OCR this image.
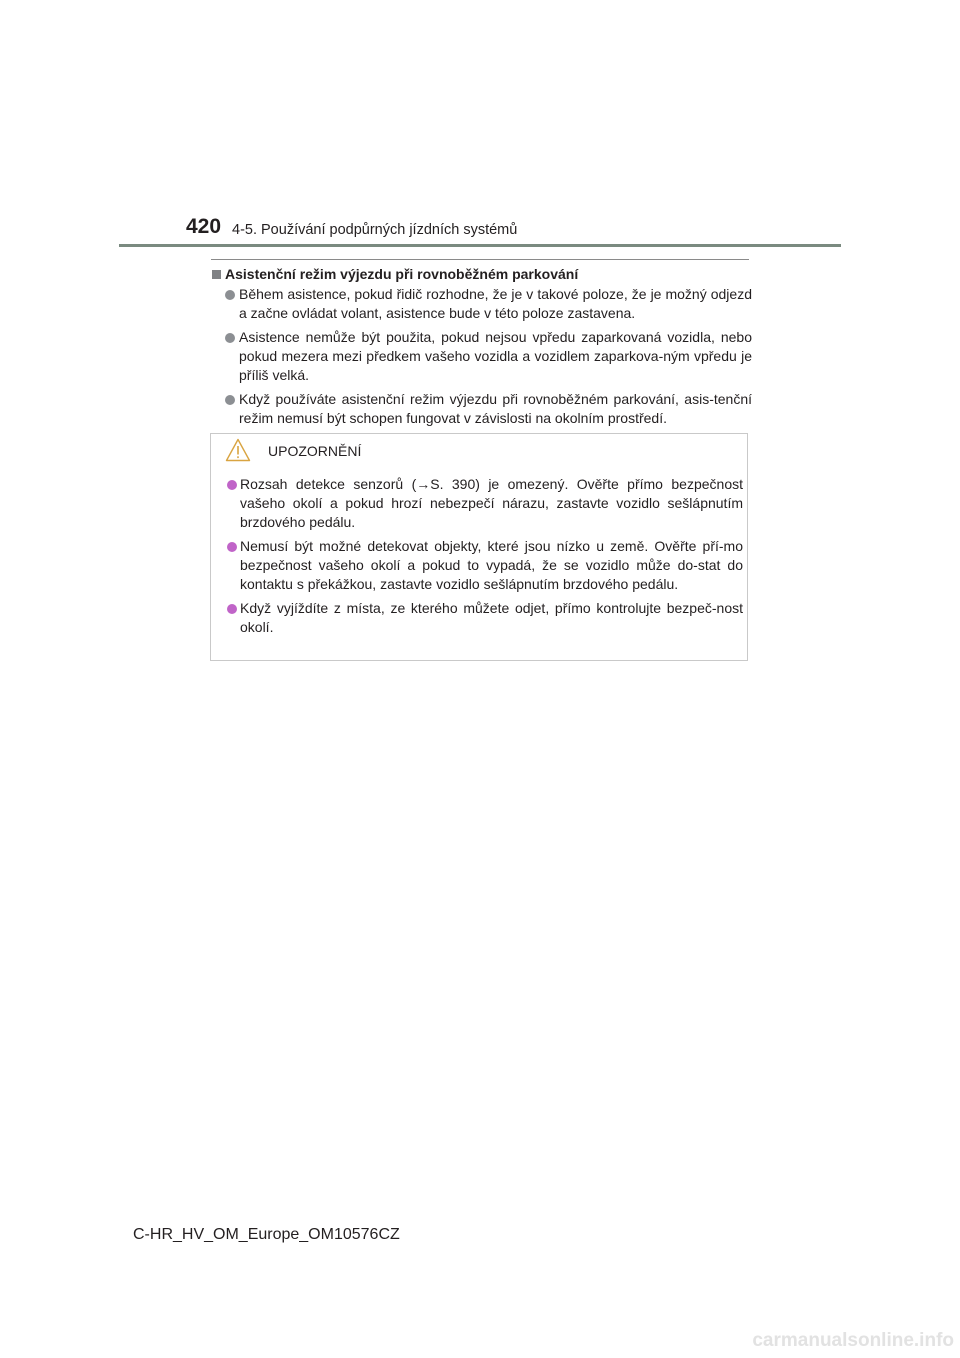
420 4-5. Používání podpůrných jízdních systémů
Asistenční režim výjezdu při rovnoběžném parkování
Během asistence, pokud řidič rozhodne, že je v takové poloze, že je možný odjezd a začne ovládat volant, asistence bude v této poloze zastavena.
Asistence nemůže být použita, pokud nejsou vpředu zaparkovaná vozidla, nebo pokud mezera mezi předkem vašeho vozidla a vozidlem zaparkova-ným vpředu je příliš velká.
Když používáte asistenční režim výjezdu při rovnoběžném parkování, asis-tenční režim nemusí být schopen fungovat v závislosti na okolním prostředí.
UPOZORNĚNÍ
Rozsah detekce senzorů (→S. 390) je omezený. Ověřte přímo bezpečnost vašeho okolí a pokud hrozí nebezpečí nárazu, zastavte vozidlo sešlápnutím brzdového pedálu.
Nemusí být možné detekovat objekty, které jsou nízko u země. Ověřte pří-mo bezpečnost vašeho okolí a pokud to vypadá, že se vozidlo může do-stat do kontaktu s překážkou, zastavte vozidlo sešlápnutím brzdového pedálu.
Když vyjíždíte z místa, ze kterého můžete odjet, přímo kontrolujte bezpeč-nost okolí.
C-HR_HV_OM_Europe_OM10576CZ
carmanualsonline.info
